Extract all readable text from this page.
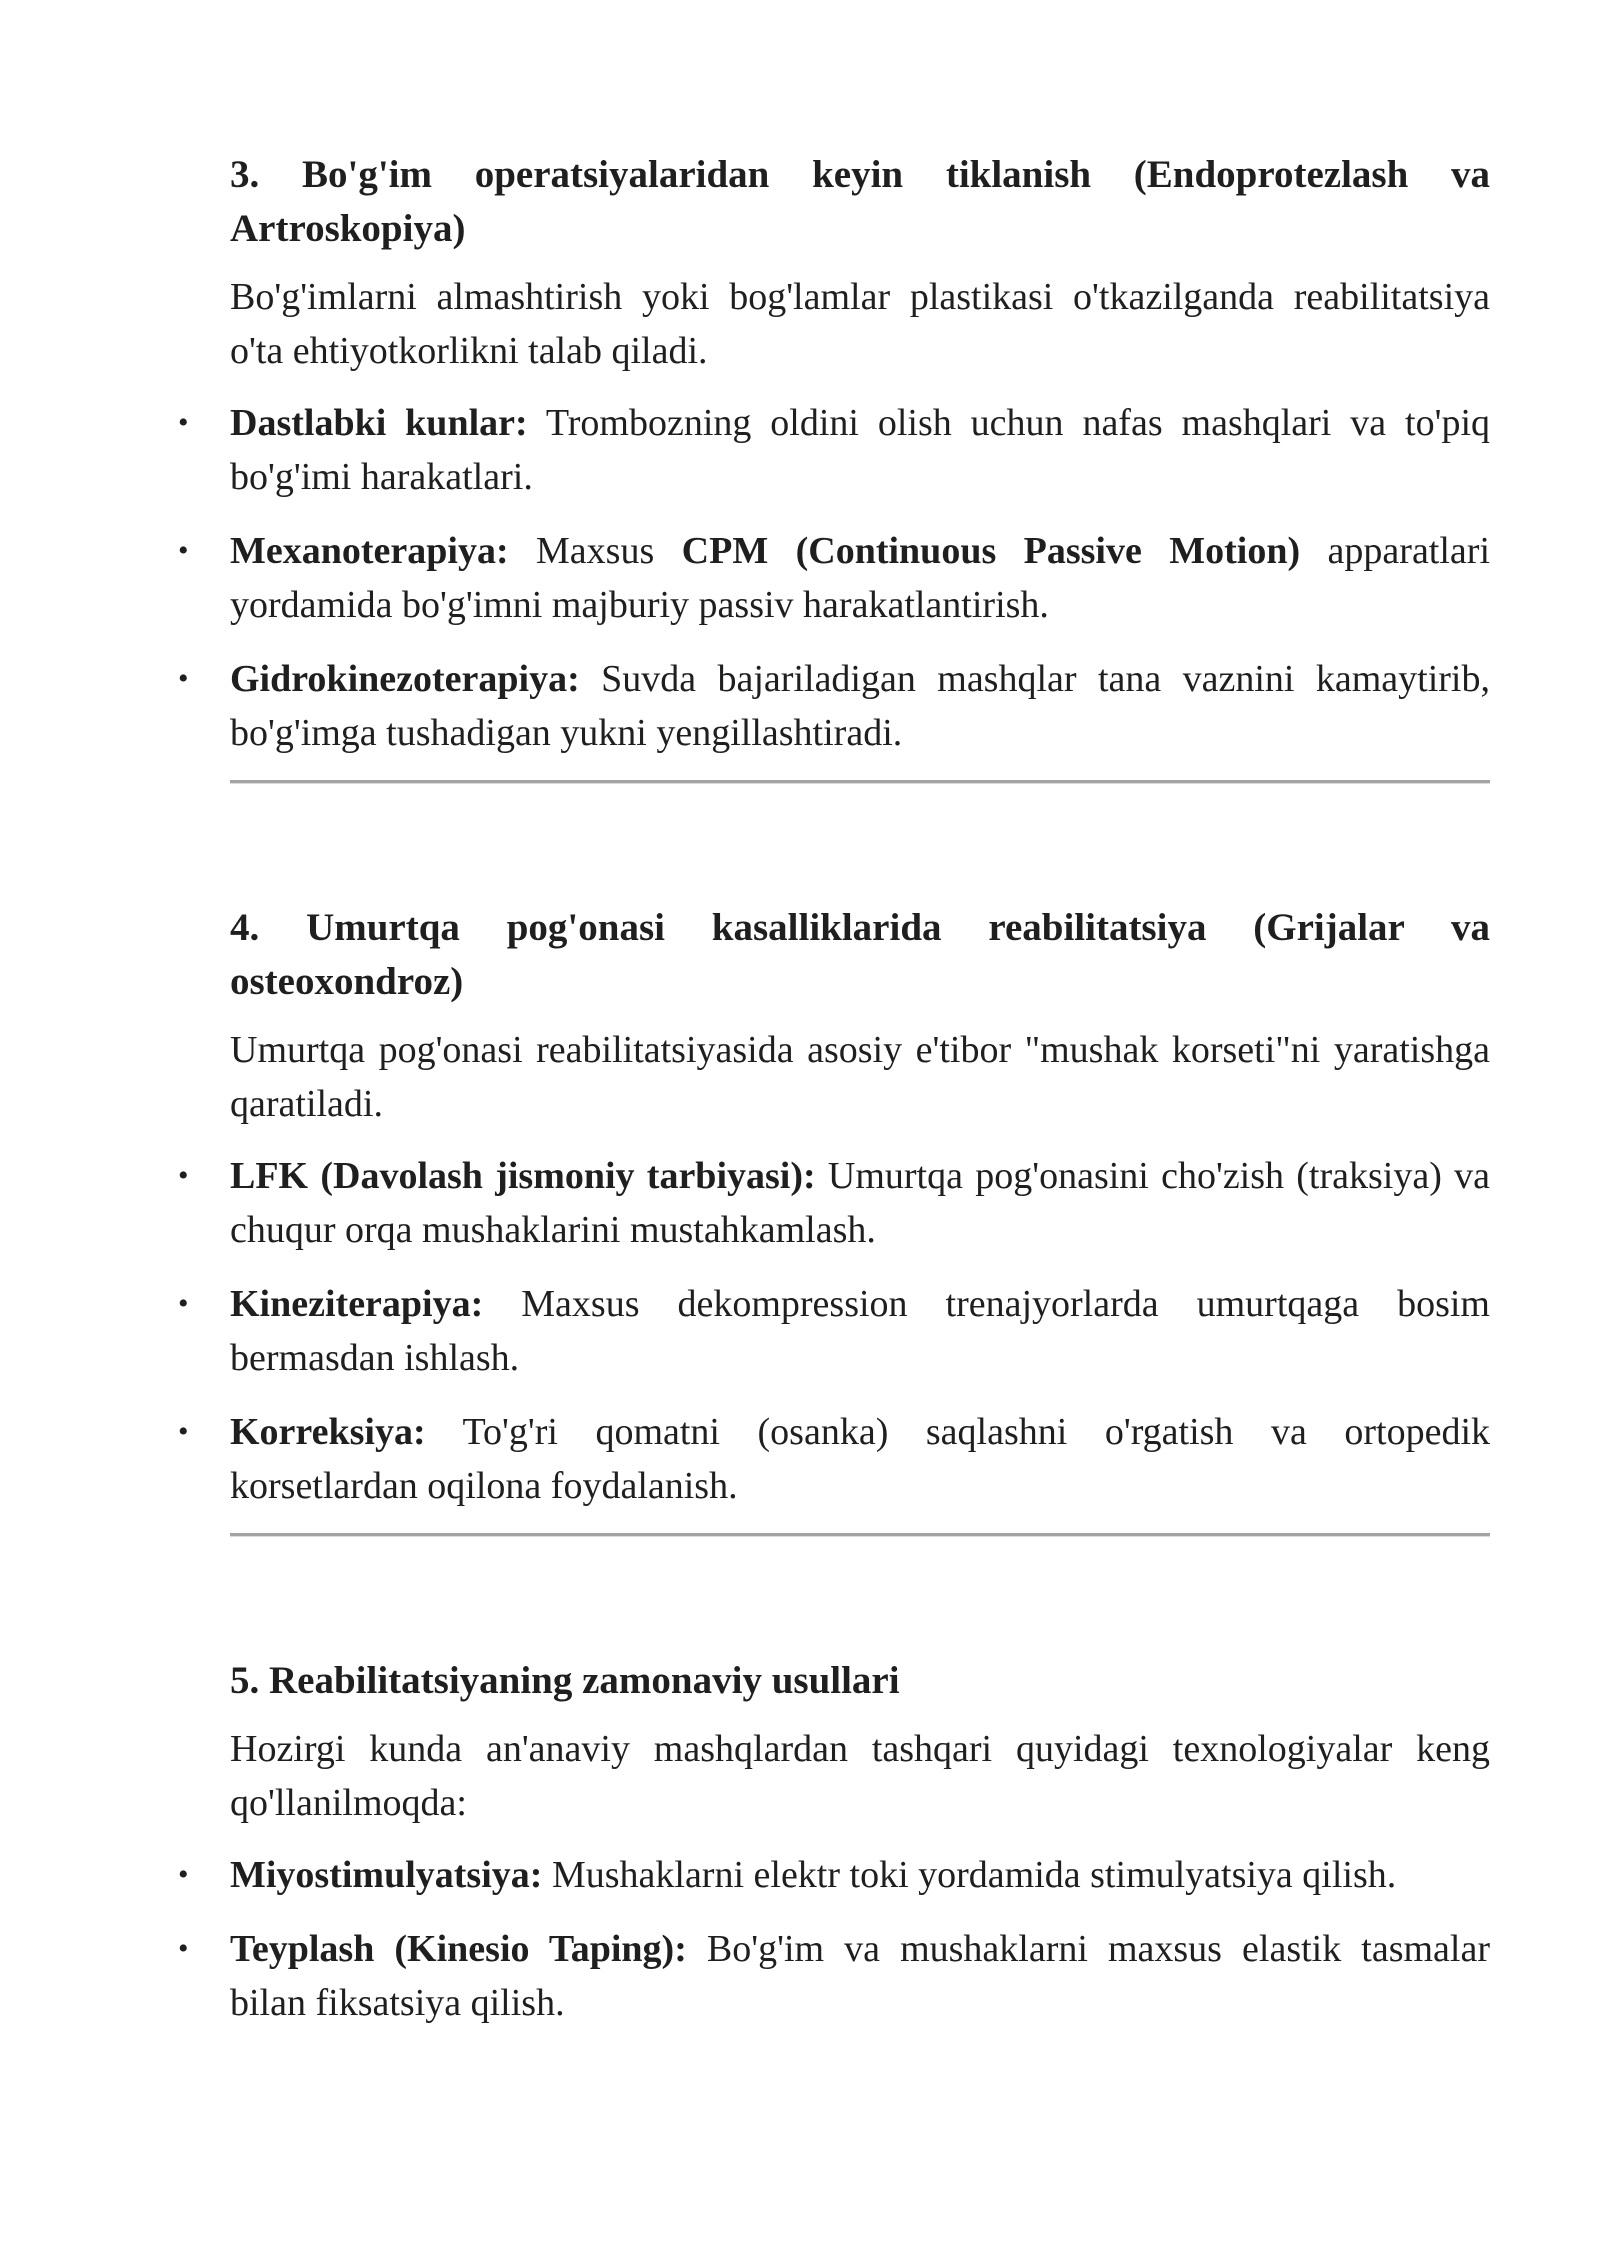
3. Bo'g'im operatsiyalaridan keyin tiklanish (Endoprotezlash va Artroskopiya)

Bo'g'imlarni almashtirish yoki bog'lamlar plastikasi o'tkazilganda reabilitatsiya o'ta ehtiyotkorlikni talab qiladi.

• Dastlabki kunlar: Trombozning oldini olish uchun nafas mashqlari va to'piq bo'g'imi harakatlari.
• Mexanoterapiya: Maxsus CPM (Continuous Passive Motion) apparatlari yordamida bo'g'imni majburiy passiv harakatlantirish.
• Gidrokinezoterapiya: Suvda bajariladigan mashqlar tana vaznini kamaytirib, bo'g'imga tushadigan yukni yengillashtiradi.
4. Umurtqa pog'onasi kasalliklarida reabilitatsiya (Grijalar va osteoxondroz)

Umurtqa pog'onasi reabilitatsiyasida asosiy e'tibor "mushak korseti"ni yaratishga qaratiladi.

• LFK (Davolash jismoniy tarbiyasi): Umurtqa pog'onasini cho'zish (traksiya) va chuqur orqa mushaklarini mustahkamlash.
• Kineziterapiya: Maxsus dekompression trenajyorlarda umurtqaga bosim bermasdan ishlash.
• Korreksiya: To'g'ri qomatni (osanka) saqlashni o'rgatish va ortopedik korsetlardan oqilona foydalanish.
5. Reabilitatsiyaning zamonaviy usullari

Hozirgi kunda an'anaviy mashqlardan tashqari quyidagi texnologiyalar keng qo'llanilmoqda:

• Miyostimulyatsiya: Mushaklarni elektr toki yordamida stimulyatsiya qilish.
• Teyplash (Kinesio Taping): Bo'g'im va mushaklarni maxsus elastik tasmalar bilan fiksatsiya qilish.
